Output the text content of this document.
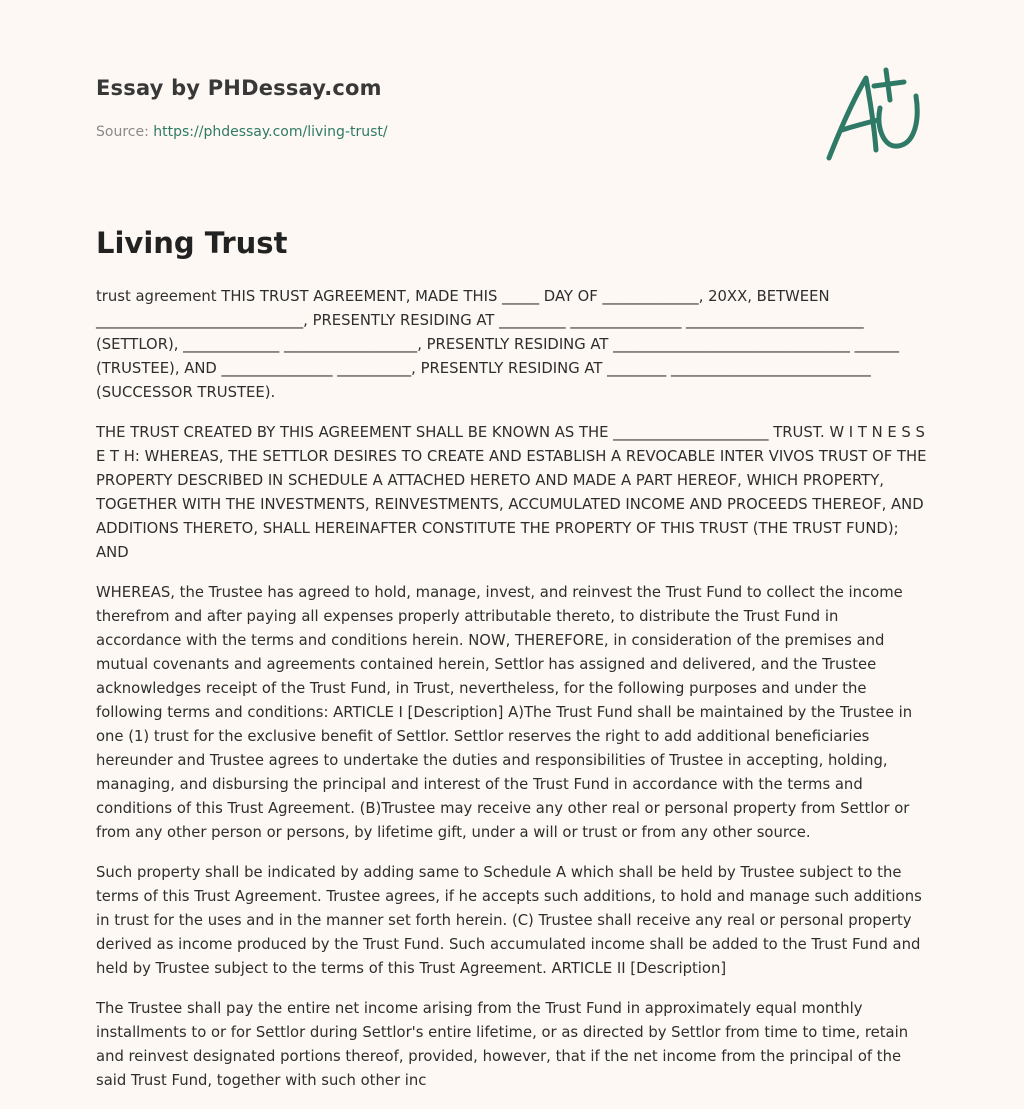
Essay by PHDessay.com
Source: https://phdessay.com/living-trust/
Living Trust

trust agreement THIS TRUST AGREEMENT, MADE THIS _____ DAY OF _____________, 20XX, BETWEEN ____________________________, PRESENTLY RESIDING AT _________ _______________ ________________________ (SETTLOR), _____________ __________________, PRESENTLY RESIDING AT ________________________________ ______ (TRUSTEE), AND _______________ __________, PRESENTLY RESIDING AT ________ ___________________________ (SUCCESSOR TRUSTEE).

THE TRUST CREATED BY THIS AGREEMENT SHALL BE KNOWN AS THE _____________________ TRUST. W I T N E S S E T H: WHEREAS, THE SETTLOR DESIRES TO CREATE AND ESTABLISH A REVOCABLE INTER VIVOS TRUST OF THE PROPERTY DESCRIBED IN SCHEDULE A ATTACHED HERETO AND MADE A PART HEREOF, WHICH PROPERTY, TOGETHER WITH THE INVESTMENTS, REINVESTMENTS, ACCUMULATED INCOME AND PROCEEDS THEREOF, AND ADDITIONS THERETO, SHALL HEREINAFTER CONSTITUTE THE PROPERTY OF THIS TRUST (THE TRUST FUND); AND

WHEREAS, the Trustee has agreed to hold, manage, invest, and reinvest the Trust Fund to collect the income therefrom and after paying all expenses properly attributable thereto, to distribute the Trust Fund in accordance with the terms and conditions herein. NOW, THEREFORE, in consideration of the premises and mutual covenants and agreements contained herein, Settlor has assigned and delivered, and the Trustee acknowledges receipt of the Trust Fund, in Trust, nevertheless, for the following purposes and under the following terms and conditions: ARTICLE I [Description] A)The Trust Fund shall be maintained by the Trustee in one (1) trust for the exclusive benefit of Settlor. Settlor reserves the right to add additional beneficiaries hereunder and Trustee agrees to undertake the duties and responsibilities of Trustee in accepting, holding, managing, and disbursing the principal and interest of the Trust Fund in accordance with the terms and conditions of this Trust Agreement. (B)Trustee may receive any other real or personal property from Settlor or from any other person or persons, by lifetime gift, under a will or trust or from any other source.

Such property shall be indicated by adding same to Schedule A which shall be held by Trustee subject to the terms of this Trust Agreement. Trustee agrees, if he accepts such additions, to hold and manage such additions in trust for the uses and in the manner set forth herein. (C) Trustee shall receive any real or personal property derived as income produced by the Trust Fund. Such accumulated income shall be added to the Trust Fund and held by Trustee subject to the terms of this Trust Agreement. ARTICLE II [Description]

The Trustee shall pay the entire net income arising from the Trust Fund in approximately equal monthly installments to or for Settlor during Settlor's entire lifetime, or as directed by Settlor from time to time, retain and reinvest designated portions thereof, provided, however, that if the net income from the principal of the said Trust Fund, together with such other inc
